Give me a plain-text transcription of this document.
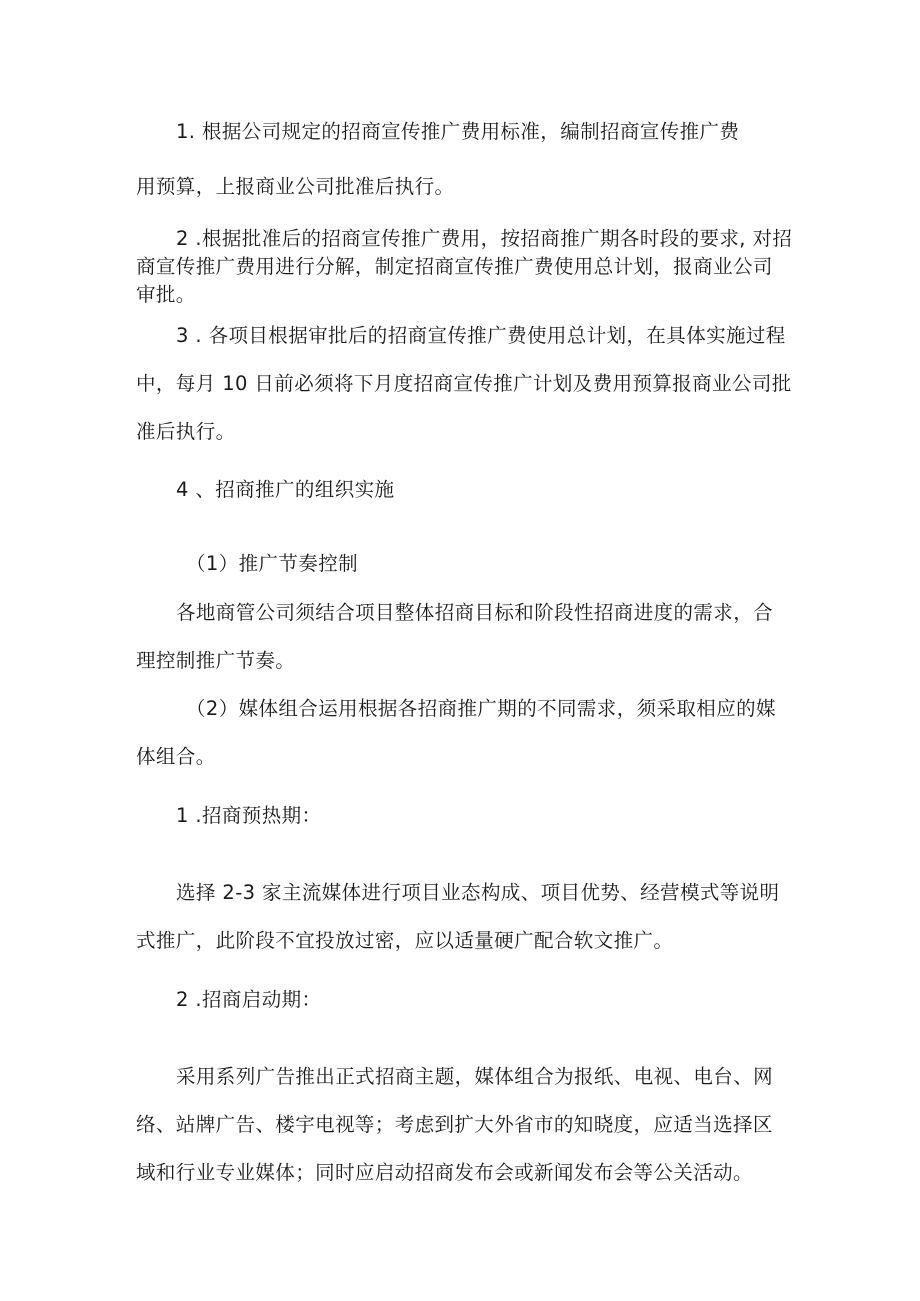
1. 根据公司规定的招商宣传推广费用标准，编制招商宣传推广费

用预算，上报商业公司批准后执行。

2 .根据批准后的招商宣传推广费用，按招商推广期各时段的要求, 对招

商宣传推广费用进行分解，制定招商宣传推广费使用总计划，报商业公司

审批。

3 . 各项目根据审批后的招商宣传推广费使用总计划，在具体实施过程

中，每月 10 日前必须将下月度招商宣传推广计划及费用预算报商业公司批

准后执行。

4 、招商推广的组织实施

（1）推广节奏控制

各地商管公司须结合项目整体招商目标和阶段性招商进度的需求，合

理控制推广节奏。

（2）媒体组合运用根据各招商推广期的不同需求，须采取相应的媒

体组合。

1 .招商预热期：

选择 2-3 家主流媒体进行项目业态构成、项目优势、经营模式等说明

式推广，此阶段不宜投放过密，应以适量硬广配合软文推广。

2 .招商启动期：

采用系列广告推出正式招商主题，媒体组合为报纸、电视、电台、网

络、站牌广告、楼宇电视等；考虑到扩大外省市的知晓度，应适当选择区

域和行业专业媒体；同时应启动招商发布会或新闻发布会等公关活动。
